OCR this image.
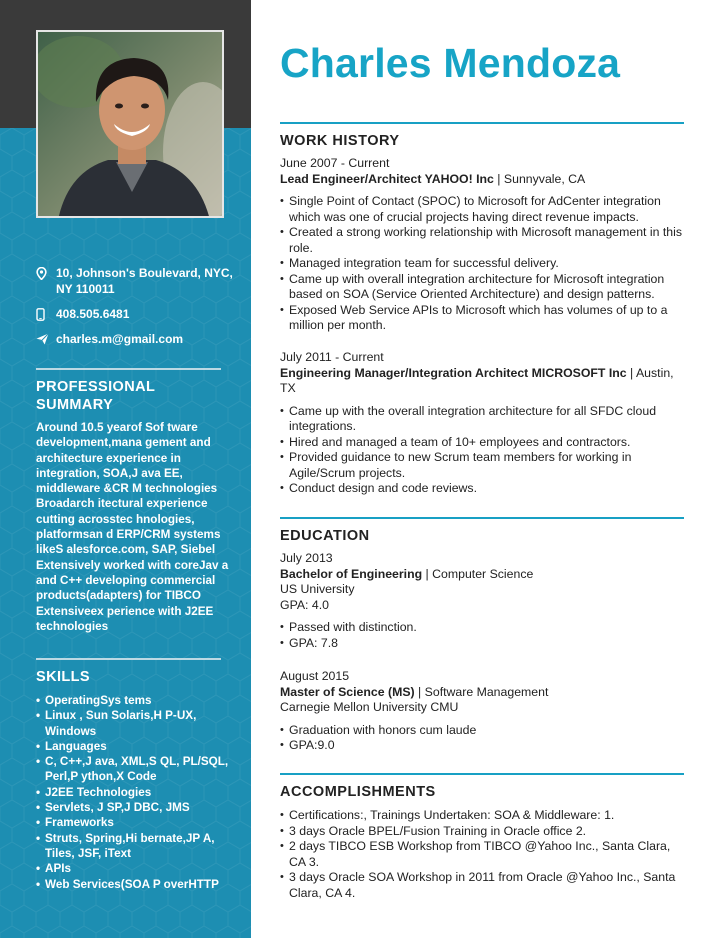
10, Johnson's Boulevard, NYC, NY 110011
408.505.6481
charles.m@gmail.com
PROFESSIONAL SUMMARY
Around 10.5 yearof Sof tware development,mana gement and architecture experience in integration, SOA,J ava EE, middleware &CR M technologies Broadarch itectural experience cutting acrosstec hnologies, platformsan d ERP/CRM systems likeS alesforce.com, SAP, Siebel Extensively worked with coreJav a and C++ developing commercial products(adapters) for TIBCO Extensiveex perience with J2EE technologies
SKILLS
• OperatingSys tems
• Linux , Sun Solaris,H P-UX, Windows
• Languages
• C, C++,J ava, XML,S QL, PL/SQL, Perl,P ython,X Code
• J2EE Technologies
• Servlets, J SP,J DBC, JMS
• Frameworks
• Struts, Spring,Hi bernate,JP A, Tiles, JSF, iText
• APIs
• Web Services(SOA P overHTTP
Charles Mendoza
WORK HISTORY
June 2007 - Current
Lead Engineer/Architect YAHOO! Inc | Sunnyvale, CA
• Single Point of Contact (SPOC) to Microsoft for AdCenter integration which was one of crucial projects having direct revenue impacts.
• Created a strong working relationship with Microsoft management in this role.
• Managed integration team for successful delivery.
• Came up with overall integration architecture for Microsoft integration based on SOA (Service Oriented Architecture) and design patterns.
• Exposed Web Service APIs to Microsoft which has volumes of up to a million per month.
July 2011 - Current
Engineering Manager/Integration Architect MICROSOFT Inc | Austin, TX
• Came up with the overall integration architecture for all SFDC cloud integrations.
• Hired and managed a team of 10+ employees and contractors.
• Provided guidance to new Scrum team members for working in Agile/Scrum projects.
• Conduct design and code reviews.
EDUCATION
July 2013
Bachelor of Engineering | Computer Science
US University
GPA: 4.0
• Passed with distinction.
• GPA: 7.8
August 2015
Master of Science (MS) | Software Management
Carnegie Mellon University CMU
• Graduation with honors cum laude
• GPA:9.0
ACCOMPLISHMENTS
• Certifications:, Trainings Undertaken: SOA & Middleware: 1.
• 3 days Oracle BPEL/Fusion Training in Oracle office 2.
• 2 days TIBCO ESB Workshop from TIBCO @Yahoo Inc., Santa Clara, CA 3.
• 3 days Oracle SOA Workshop in 2011 from Oracle @Yahoo Inc., Santa Clara, CA 4.
